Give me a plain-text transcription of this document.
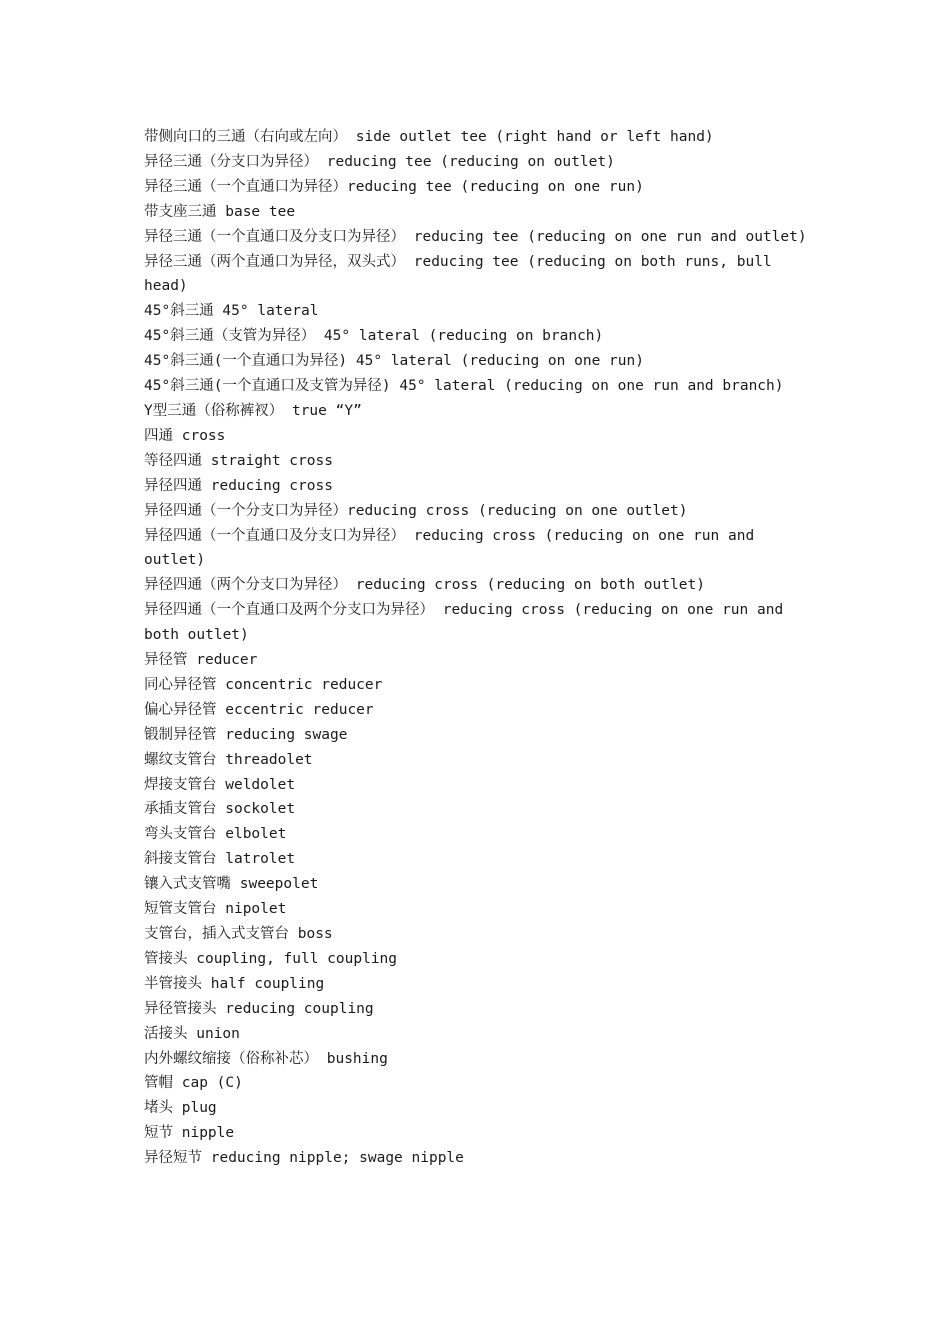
带侧向口的三通（右向或左向） side outlet tee (right hand or left hand)

异径三通（分支口为异径） reducing tee (reducing on outlet)

异径三通（一个直通口为异径）reducing tee (reducing on one run)

带支座三通 base tee

异径三通（一个直通口及分支口为异径） reducing tee (reducing on one run and outlet)

异径三通（两个直通口为异径，双头式） reducing tee (reducing on both runs, bull head)

45°斜三通 45° lateral

45°斜三通（支管为异径） 45° lateral (reducing on branch)

45°斜三通(一个直通口为异径) 45° lateral (reducing on one run)

45°斜三通(一个直通口及支管为异径) 45° lateral (reducing on one run and branch)

Y型三通（俗称裤衩） true “Y”

四通 cross

等径四通 straight cross

异径四通 reducing cross

异径四通（一个分支口为异径）reducing cross (reducing on one outlet)

异径四通（一个直通口及分支口为异径） reducing cross (reducing on one run and outlet)

异径四通（两个分支口为异径） reducing cross (reducing on both outlet)

异径四通（一个直通口及两个分支口为异径） reducing cross (reducing on one run and both outlet)

异径管 reducer

同心异径管 concentric reducer

偏心异径管 eccentric reducer

锻制异径管 reducing swage

螺纹支管台 threadolet

焊接支管台 weldolet

承插支管台 sockolet

弯头支管台 elbolet

斜接支管台 latrolet

镶入式支管嘴 sweepolet

短管支管台 nipolet

支管台，插入式支管台 boss

管接头 coupling, full coupling

半管接头 half coupling

异径管接头 reducing coupling

活接头 union

内外螺纹缩接（俗称补芯） bushing

管帽 cap (C)

堵头 plug

短节 nipple

异径短节 reducing nipple; swage nipple
